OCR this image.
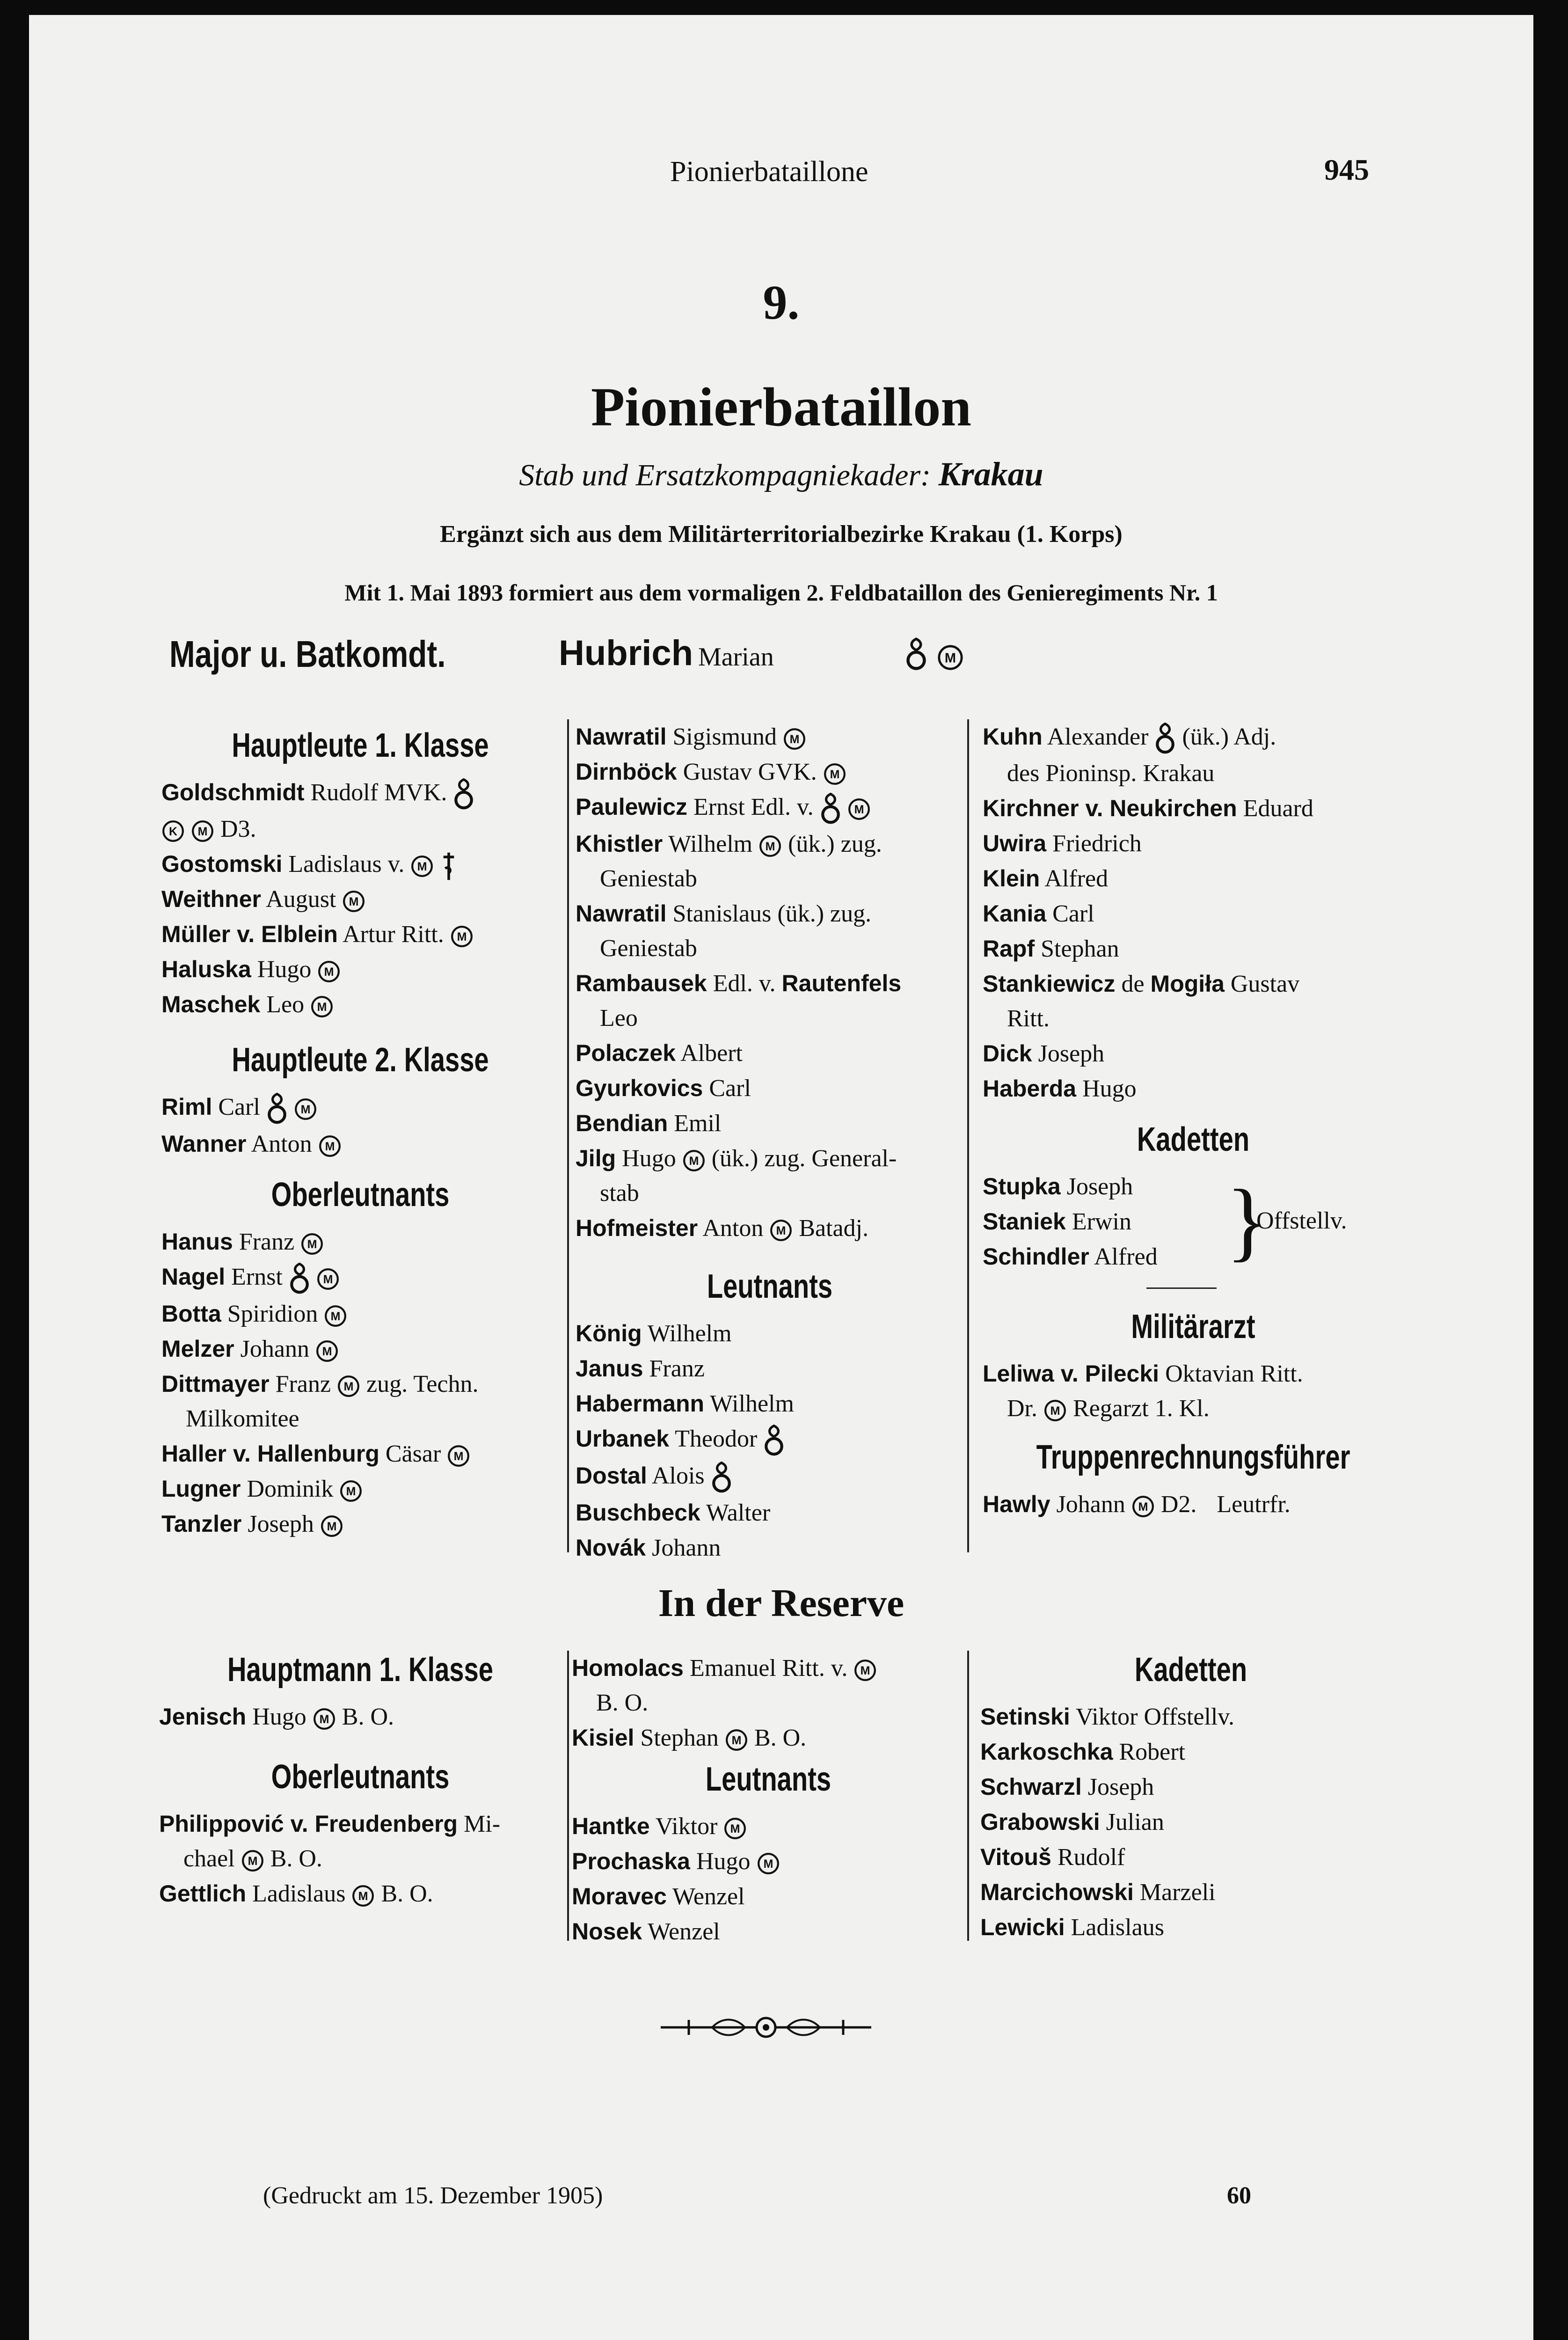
Pionierbataillone	945
9.
Pionierbataillon
Stab und Ersatzkompagniekader: Krakau
Ergänzt sich aus dem Militärterritorialbezirke Krakau (1. Korps)
Mit 1. Mai 1893 formiert aus dem vormaligen 2. Feldbataillon des Genieregiments Nr. 1
Major u. Batkomdt.	Hubrich Marian
Hauptleute 1. Klasse
Goldschmidt Rudolf MVK.
D3.
Gostomski Ladislaus v.
Weithner August
Müller v. Elblein Artur Ritt.
Haluska Hugo
Maschek Leo
Hauptleute 2. Klasse
Riml Carl
Wanner Anton
Oberleutnants
Hanus Franz
Nagel Ernst
Botta Spiridion
Melzer Johann
Dittmayer Franz zug. Techn.
Milkomitee
Haller v. Hallenburg Cäsar
Lugner Dominik
Tanzler Joseph
Nawratil Sigismund
Dirnböck Gustav GVK.
Paulewicz Ernst Edl. v.
Khistler Wilhelm (ük.) zug.
Geniestab
Nawratil Stanislaus (ük.) zug.
Geniestab
Rambausek Edl. v. Rautenfels
Leo
Polaczek Albert
Gyurkovics Carl
Bendian Emil
Jilg Hugo (ük.) zug. General-
stab
Hofmeister Anton Batadj.
Leutnants
König Wilhelm
Janus Franz
Habermann Wilhelm
Urbanek Theodor
Dostal Alois
Buschbeck Walter
Novák Johann
Kuhn Alexander (ük.) Adj.
des Pioninsp. Krakau
Kirchner v. Neukirchen Eduard
Uwira Friedrich
Klein Alfred
Kania Carl
Rapf Stephan
Stankiewicz de Mogiła Gustav
Ritt.
Dick Joseph
Haberda Hugo
Kadetten
Stupka Joseph
Staniek Erwin
Schindler Alfred }
Offstellv.
Militärarzt
Leliwa v. Pilecki Oktavian Ritt.
Dr. Regarzt 1. Kl.
Truppenrechnungsführer
Hawly Johann D2. Leutrfr.
In der Reserve
Hauptmann 1. Klasse
Jenisch Hugo B. O.
Oberleutnants
Philippović v. Freudenberg Mi-
chael B. O.
Gettlich Ladislaus B. O.
Homolacs Emanuel Ritt. v.
B. O.
Kisiel Stephan B. O.
Leutnants
Hantke Viktor
Prochaska Hugo
Moravec Wenzel
Nosek Wenzel
Kadetten
Setinski Viktor Offstellv.
Karkoschka Robert
Schwarzl Joseph
Grabowski Julian
Vitouš Rudolf
Marcichowski Marzeli
Lewicki Ladislaus
(Gedruckt am 15. Dezember 1905)	60
